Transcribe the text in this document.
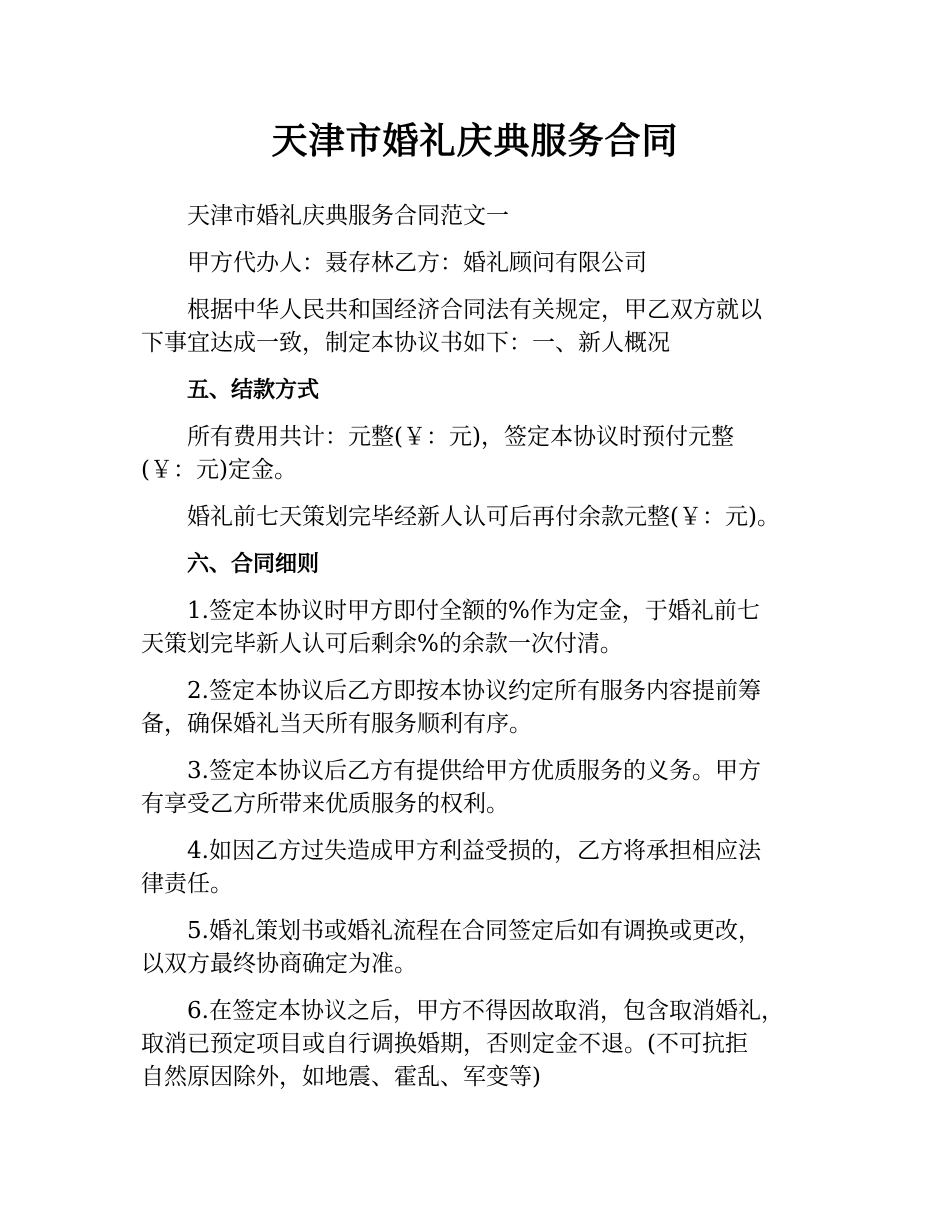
天津市婚礼庆典服务合同
天津市婚礼庆典服务合同范文一
甲方代办人：聂存林乙方：婚礼顾问有限公司
根据中华人民共和国经济合同法有关规定，甲乙双方就以
下事宜达成一致，制定本协议书如下：一、新人概况
五、结款方式
所有费用共计：元整(￥：元)，签定本协议时预付元整
(￥：元)定金。
婚礼前七天策划完毕经新人认可后再付余款元整(￥：元)。
六、合同细则
1.签定本协议时甲方即付全额的%作为定金，于婚礼前七
天策划完毕新人认可后剩余%的余款一次付清。
2.签定本协议后乙方即按本协议约定所有服务内容提前筹
备，确保婚礼当天所有服务顺利有序。
3.签定本协议后乙方有提供给甲方优质服务的义务。甲方
有享受乙方所带来优质服务的权利。
4.如因乙方过失造成甲方利益受损的，乙方将承担相应法
律责任。
5.婚礼策划书或婚礼流程在合同签定后如有调换或更改，
以双方最终协商确定为准。
6.在签定本协议之后，甲方不得因故取消，包含取消婚礼，
取消已预定项目或自行调换婚期，否则定金不退。(不可抗拒
自然原因除外，如地震、霍乱、军变等)
